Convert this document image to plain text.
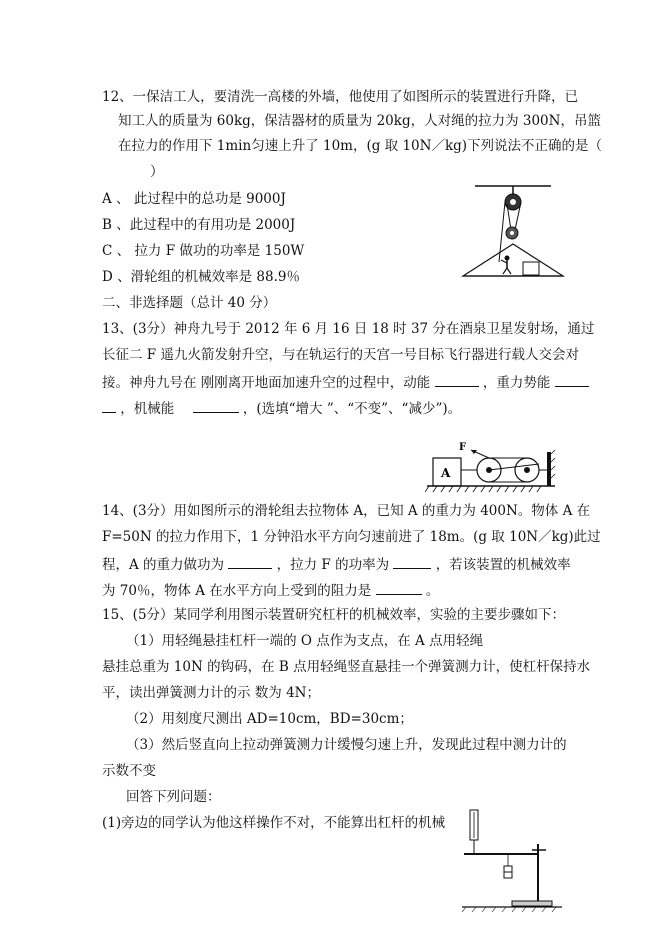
12、一保洁工人，要清洗一高楼的外墙，他使用了如图所示的装置进行升降，已
知工人的质量为 60kg，保洁器材的质量为 20kg，人对绳的拉力为 300N，吊篮
在拉力的作用下 1min匀速上升了 10m，(g 取 10N／kg)下列说法不正确的是（
）
A 、 此过程中的总功是 9000J
B 、此过程中的有用功是 2000J
C 、 拉力 F 做功的功率是 150W
D 、滑轮组的机械效率是 88.9％
二、非选择题（总计 40 分）
13、(3分）神舟九号于 2012 年 6 月 16 日 18 时 37 分在酒泉卫星发射场，通过
长征二 F 遥九火箭发射升空，与在轨运行的天宫一号目标飞行器进行载人交会对
接。神舟九号在 刚刚离开地面加速升空的过程中，动能	，重力势能
，机械能	，(选填“增大 ”、“不变”、“减少”)。
A
F
14、(3分）用如图所示的滑轮组去拉物体 A，已知 A 的重力为 400N。物体 A 在
F=50N 的拉力作用下，1 分钟沿水平方向匀速前进了 18m。(g 取 10N／kg)此过
程，A 的重力做功为	，拉力 F 的功率为	，若该装置的机械效率
为 70％，物体 A 在水平方向上受到的阻力是	。
15、(5分）某同学利用图示装置研究杠杆的机械效率，实验的主要步骤如下：
（1）用轻绳悬挂杠杆一端的 O 点作为支点，在 A 点用轻绳
悬挂总重为 10N 的钩码，在 B 点用轻绳竖直悬挂一个弹簧测力计，使杠杆保持水
平，读出弹簧测力计的示 数为 4N；
（2）用刻度尺测出 AD=10cm，BD=30cm；
（3）然后竖直向上拉动弹簧测力计缓慢匀速上升，发现此过程中测力计的
示数不变
回答下列问题：
(1)旁边的同学认为他这样操作不对，不能算出杠杆的机械
